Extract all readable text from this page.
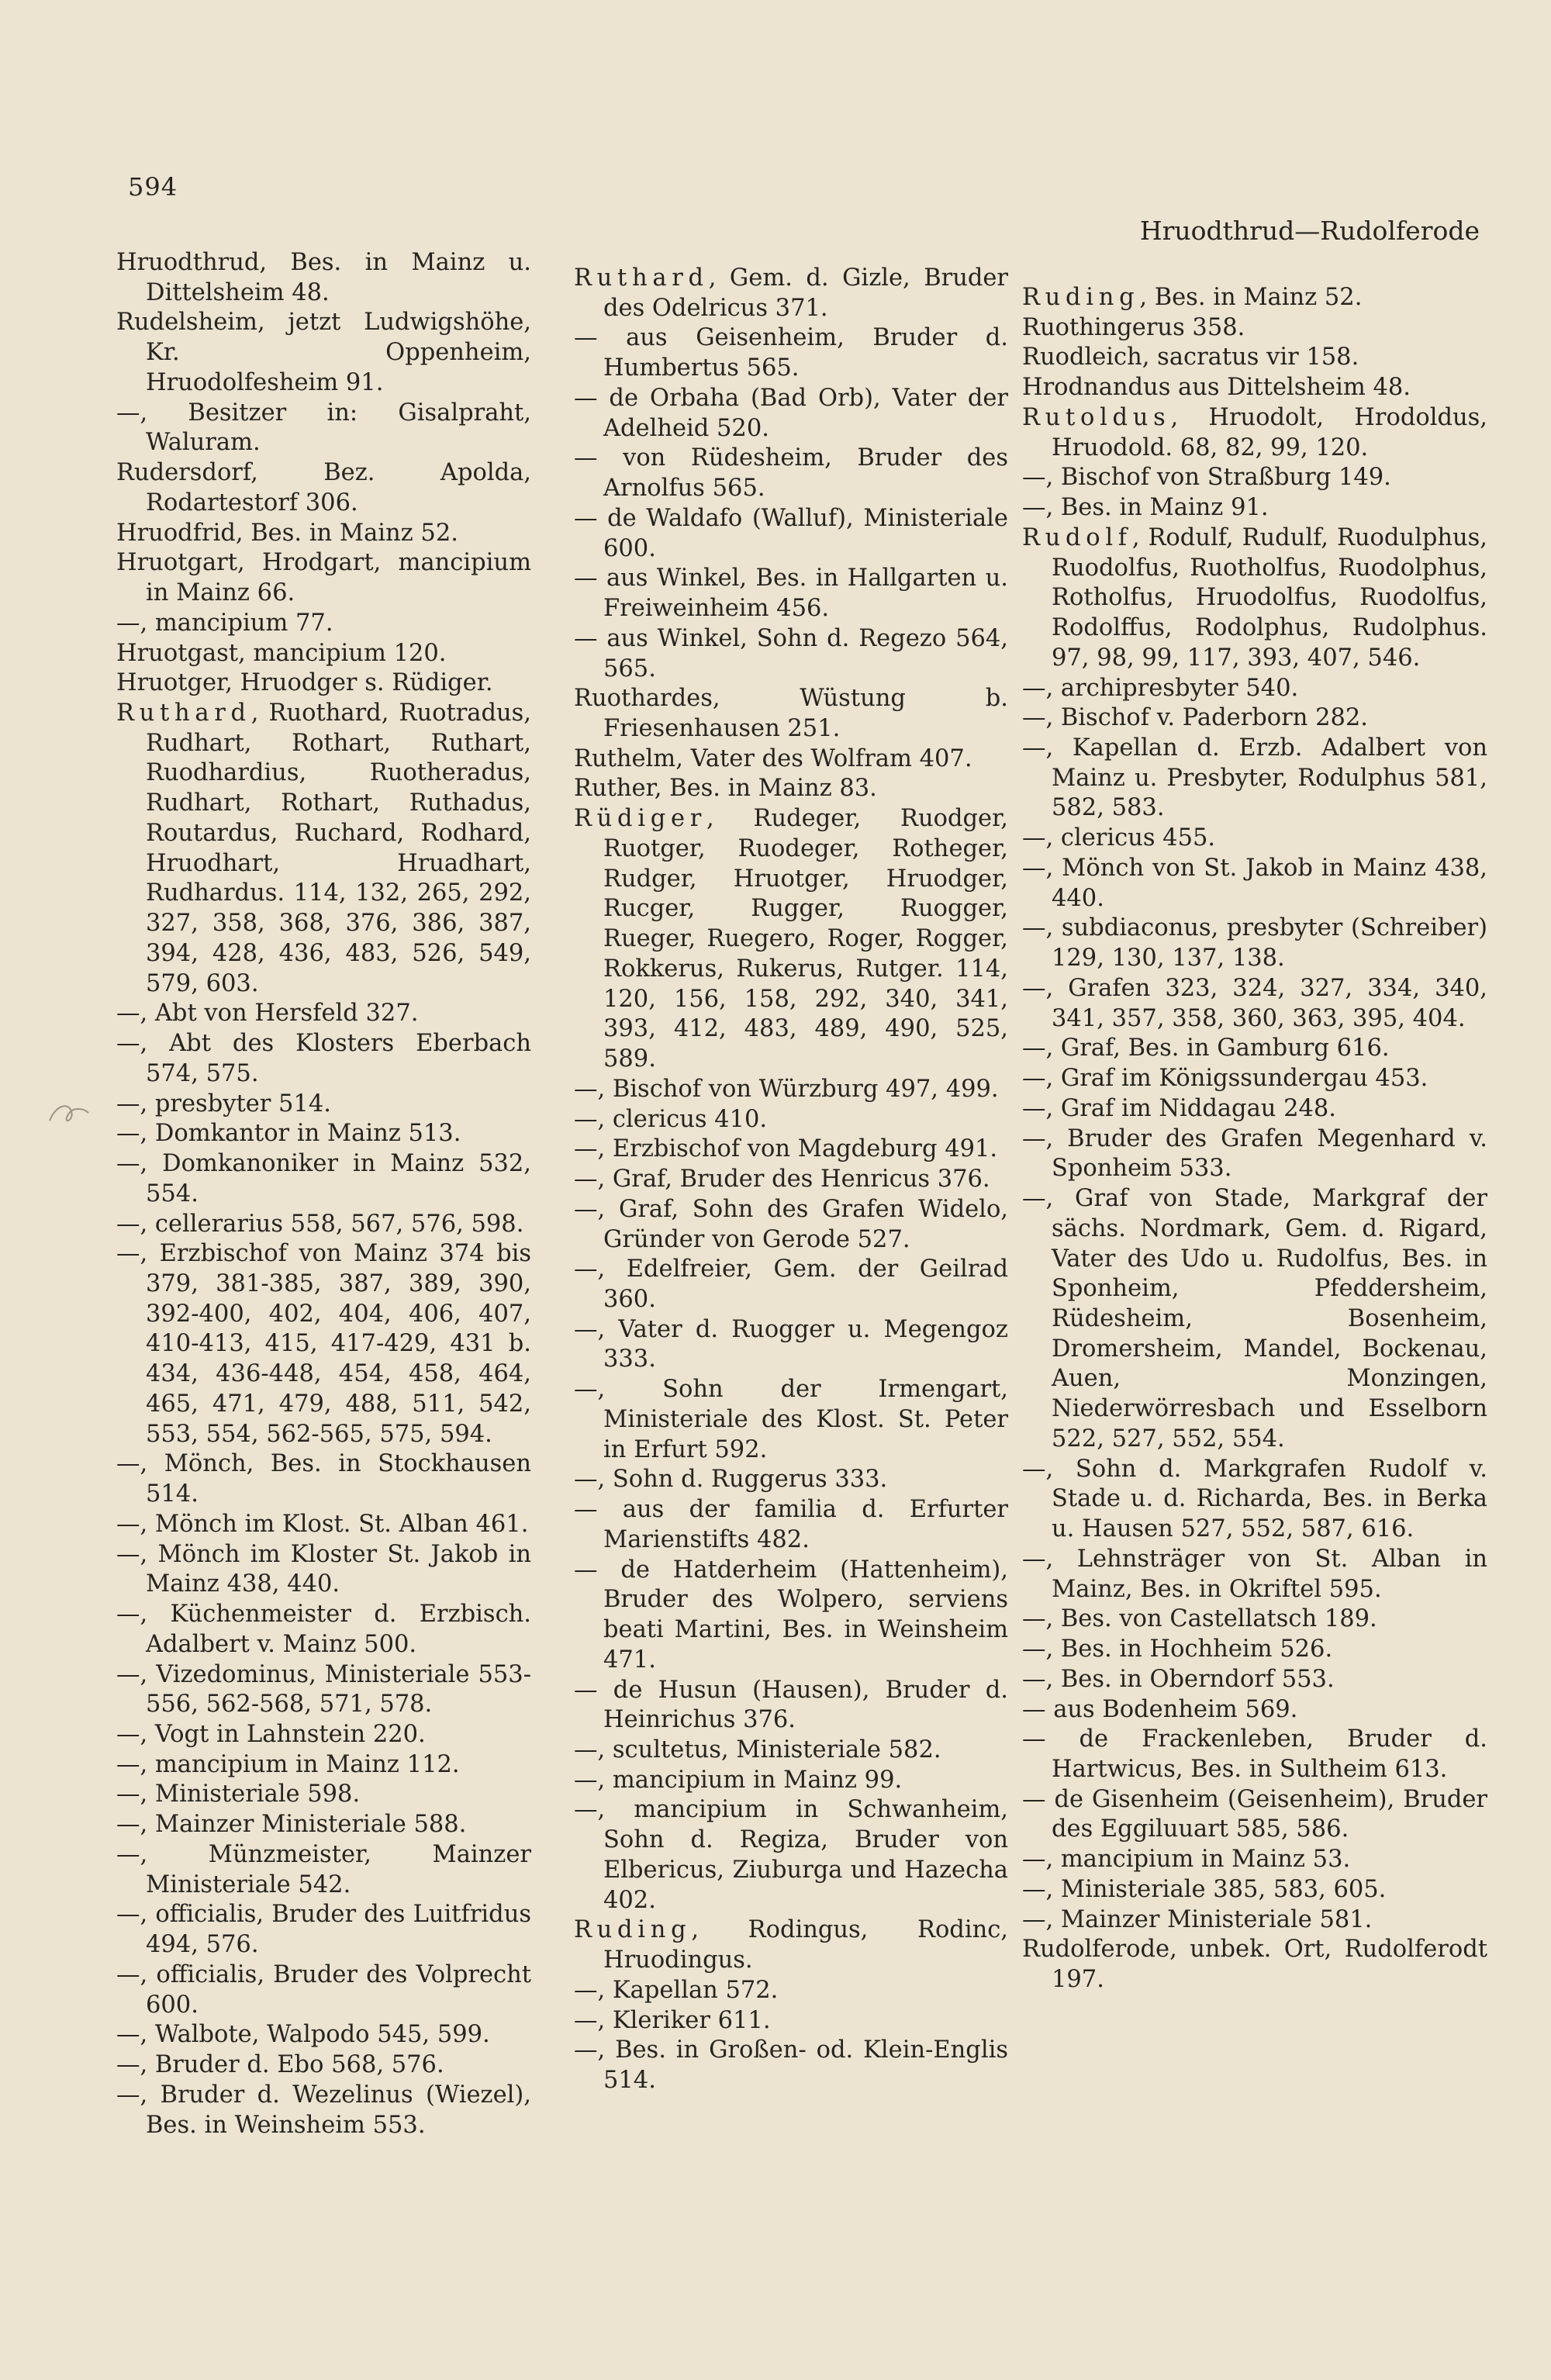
594
Hruodthrud—Rudolferode

Hruodthrud, Bes. in Mainz u. Dittelsheim 48.

Rudelsheim, jetzt Ludwigshöhe, Kr. Oppenheim, Hruodolfesheim 91.

—, Besitzer in: Gisalpraht, Waluram.

Rudersdorf, Bez. Apolda, Rodartestorf 306.

Hruodfrid, Bes. in Mainz 52.

Hruotgart, Hrodgart, mancipium in Mainz 66.

—, mancipium 77.

Hruotgast, mancipium 120.

Hruotger, Hruodger s. Rüdiger.

Ruthard, Ruothard, Ruotradus, Rudhart, Rothart, Ruthart, Ruodhardius, Ruotheradus, Rudhart, Rothart, Ruthadus, Routardus, Ruchard, Rodhard, Hruodhart, Hruadhart, Rudhardus. 114, 132, 265, 292, 327, 358, 368, 376, 386, 387, 394, 428, 436, 483, 526, 549, 579, 603.

—, Abt von Hersfeld 327.

—, Abt des Klosters Eberbach 574, 575.

—, presbyter 514.

—, Domkantor in Mainz 513.

—, Domkanoniker in Mainz 532, 554.

—, cellerarius 558, 567, 576, 598.

—, Erzbischof von Mainz 374 bis 379, 381-385, 387, 389, 390, 392-400, 402, 404, 406, 407, 410-413, 415, 417-429, 431 b. 434, 436-448, 454, 458, 464, 465, 471, 479, 488, 511, 542, 553, 554, 562-565, 575, 594.

—, Mönch, Bes. in Stockhausen 514.

—, Mönch im Klost. St. Alban 461.

—, Mönch im Kloster St. Jakob in Mainz 438, 440.

—, Küchenmeister d. Erzbisch. Adalbert v. Mainz 500.

—, Vizedominus, Ministeriale 553-556, 562-568, 571, 578.

—, Vogt in Lahnstein 220.

—, mancipium in Mainz 112.

—, Ministeriale 598.

—, Mainzer Ministeriale 588.

—, Münzmeister, Mainzer Ministeriale 542.

—, officialis, Bruder des Luitfridus 494, 576.

—, officialis, Bruder des Volprecht 600.

—, Walbote, Walpodo 545, 599.

—, Bruder d. Ebo 568, 576.

—, Bruder d. Wezelinus (Wiezel), Bes. in Weinsheim 553.

Ruthard, Gem. d. Gizle, Bruder des Odelricus 371.

— aus Geisenheim, Bruder d. Humbertus 565.

— de Orbaha (Bad Orb), Vater der Adelheid 520.

— von Rüdesheim, Bruder des Arnolfus 565.

— de Waldafo (Walluf), Ministeriale 600.

— aus Winkel, Bes. in Hallgarten u. Freiweinheim 456.

— aus Winkel, Sohn d. Regezo 564, 565.

Ruothardes, Wüstung b. Friesenhausen 251.

Ruthelm, Vater des Wolfram 407.

Ruther, Bes. in Mainz 83.

Rüdiger, Rudeger, Ruodger, Ruotger, Ruodeger, Rotheger, Rudger, Hruotger, Hruodger, Rucger, Rugger, Ruogger, Rueger, Ruegero, Roger, Rogger, Rokkerus, Rukerus, Rutger. 114, 120, 156, 158, 292, 340, 341, 393, 412, 483, 489, 490, 525, 589.

—, Bischof von Würzburg 497, 499.

—, clericus 410.

—, Erzbischof von Magdeburg 491.

—, Graf, Bruder des Henricus 376.

—, Graf, Sohn des Grafen Widelo, Gründer von Gerode 527.

—, Edelfreier, Gem. der Geilrad 360.

—, Vater d. Ruogger u. Megengoz 333.

—, Sohn der Irmengart, Ministeriale des Klost. St. Peter in Erfurt 592.

—, Sohn d. Ruggerus 333.

— aus der familia d. Erfurter Marienstifts 482.

— de Hatderheim (Hattenheim), Bruder des Wolpero, serviens beati Martini, Bes. in Weinsheim 471.

— de Husun (Hausen), Bruder d. Heinrichus 376.

—, scultetus, Ministeriale 582.

—, mancipium in Mainz 99.

—, mancipium in Schwanheim, Sohn d. Regiza, Bruder von Elbericus, Ziuburga und Hazecha 402.

Ruding, Rodingus, Rodinc, Hruodingus.

—, Kapellan 572.

—, Kleriker 611.

—, Bes. in Großen- od. Klein-Englis 514.

Ruding, Bes. in Mainz 52.

Ruothingerus 358.

Ruodleich, sacratus vir 158.

Hrodnandus aus Dittelsheim 48.

Rutoldus, Hruodolt, Hrodoldus, Hruodold. 68, 82, 99, 120.

—, Bischof von Straßburg 149.

—, Bes. in Mainz 91.

Rudolf, Rodulf, Rudulf, Ruodulphus, Ruodolfus, Ruotholfus, Ruodolphus, Rotholfus, Hruodolfus, Ruodolfus, Rodolffus, Rodolphus, Rudolphus. 97, 98, 99, 117, 393, 407, 546.

—, archipresbyter 540.

—, Bischof v. Paderborn 282.

—, Kapellan d. Erzb. Adalbert von Mainz u. Presbyter, Rodulphus 581, 582, 583.

—, clericus 455.

—, Mönch von St. Jakob in Mainz 438, 440.

—, subdiaconus, presbyter (Schreiber) 129, 130, 137, 138.

—, Grafen 323, 324, 327, 334, 340, 341, 357, 358, 360, 363, 395, 404.

—, Graf, Bes. in Gamburg 616.

—, Graf im Königssundergau 453.

—, Graf im Niddagau 248.

—, Bruder des Grafen Megenhard v. Sponheim 533.

—, Graf von Stade, Markgraf der sächs. Nordmark, Gem. d. Rigard, Vater des Udo u. Rudolfus, Bes. in Sponheim, Pfeddersheim, Rüdesheim, Bosenheim, Dromersheim, Mandel, Bockenau, Auen, Monzingen, Niederwörresbach und Esselborn 522, 527, 552, 554.

—, Sohn d. Markgrafen Rudolf v. Stade u. d. Richarda, Bes. in Berka u. Hausen 527, 552, 587, 616.

—, Lehnsträger von St. Alban in Mainz, Bes. in Okriftel 595.

—, Bes. von Castellatsch 189.

—, Bes. in Hochheim 526.

—, Bes. in Oberndorf 553.

— aus Bodenheim 569.

— de Frackenleben, Bruder d. Hartwicus, Bes. in Sultheim 613.

— de Gisenheim (Geisenheim), Bruder des Eggiluuart 585, 586.

—, mancipium in Mainz 53.

—, Ministeriale 385, 583, 605.

—, Mainzer Ministeriale 581.

Rudolferode, unbek. Ort, Rudolferodt 197.
